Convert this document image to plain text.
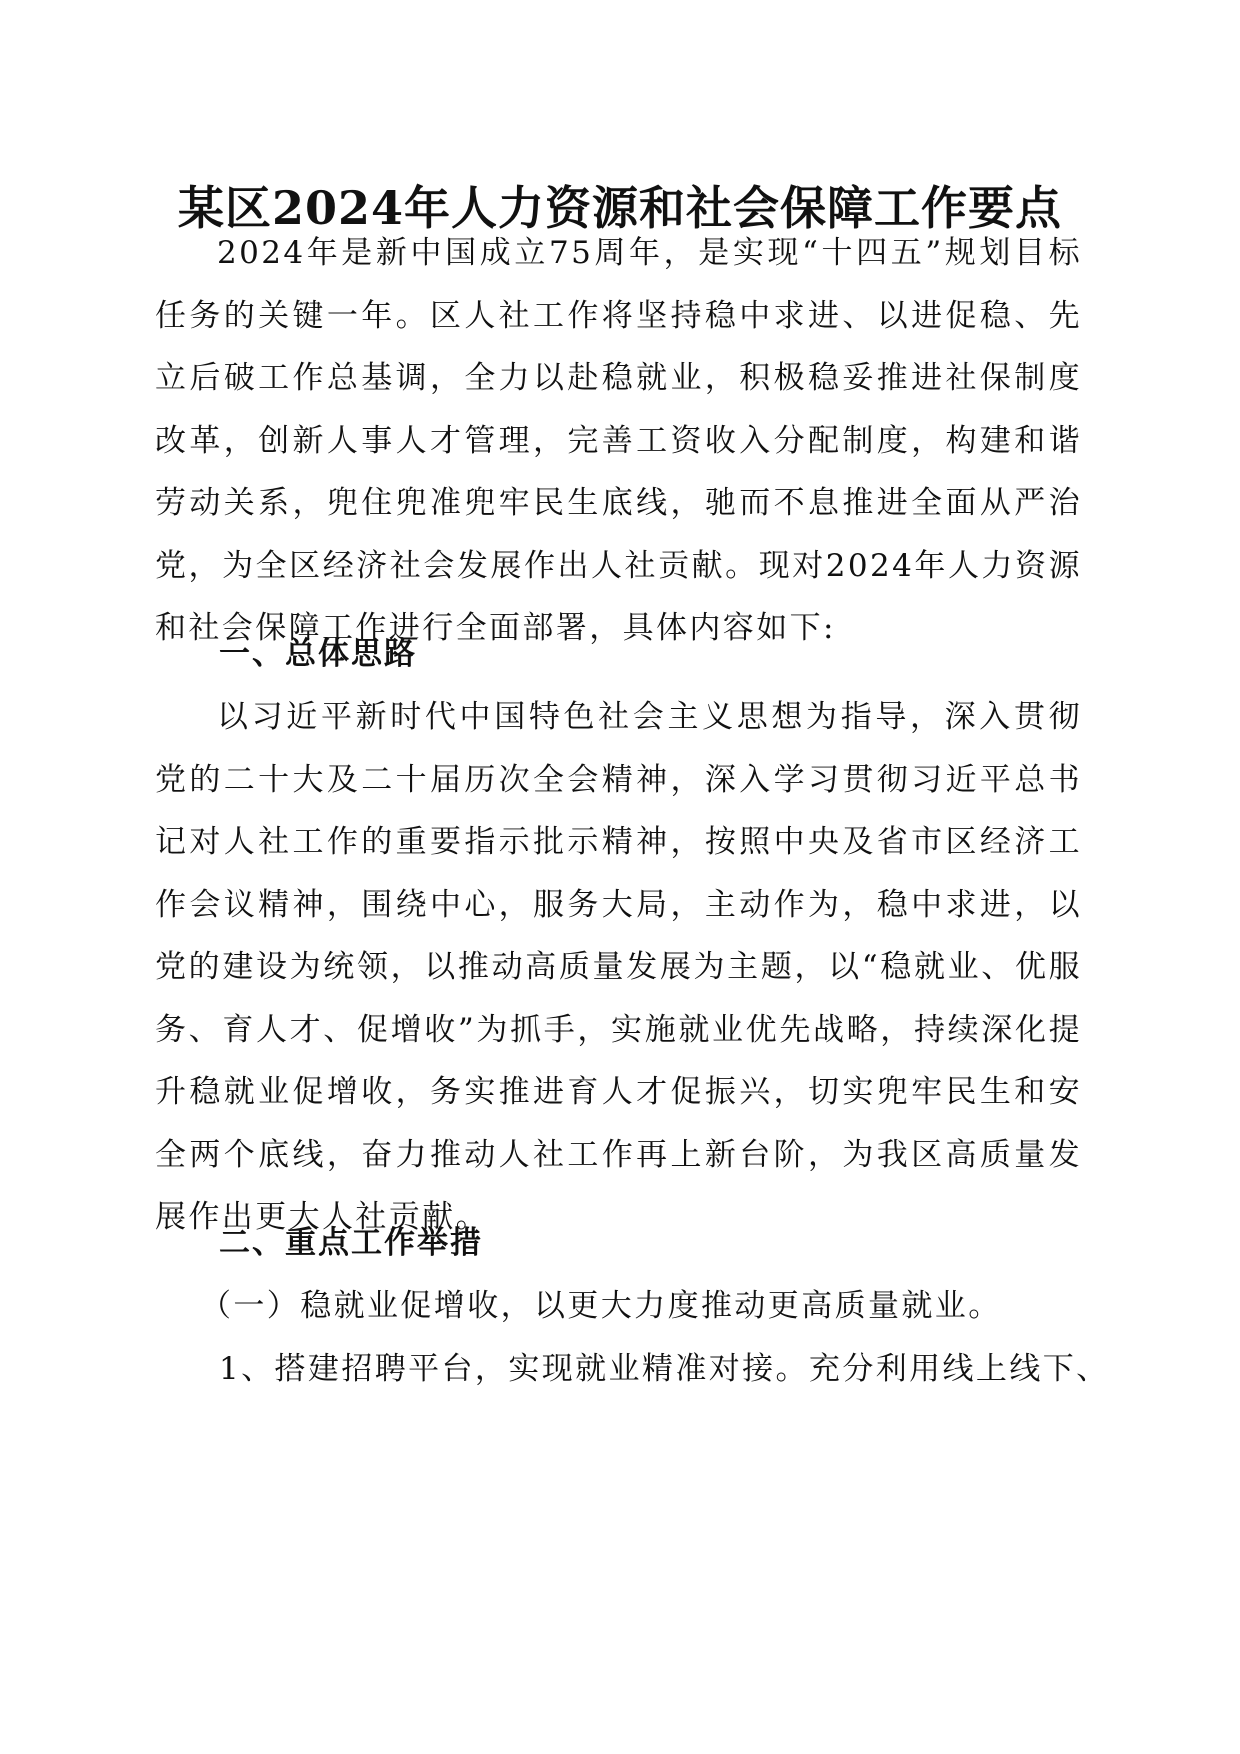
某区2024年人力资源和社会保障工作要点

2024年是新中国成立75周年，是实现“十四五”规划目标任务的关键一年。区人社工作将坚持稳中求进、以进促稳、先立后破工作总基调，全力以赴稳就业，积极稳妥推进社保制度改革，创新人事人才管理，完善工资收入分配制度，构建和谐劳动关系，兜住兜准兜牢民生底线，驰而不息推进全面从严治党，为全区经济社会发展作出人社贡献。现对2024年人力资源和社会保障工作进行全面部署，具体内容如下:

一、总体思路

以习近平新时代中国特色社会主义思想为指导，深入贯彻党的二十大及二十届历次全会精神，深入学习贯彻习近平总书记对人社工作的重要指示批示精神，按照中央及省市区经济工作会议精神，围绕中心，服务大局，主动作为，稳中求进，以党的建设为统领，以推动高质量发展为主题，以“稳就业、优服务、育人才、促增收”为抓手，实施就业优先战略，持续深化提升稳就业促增收，务实推进育人才促振兴，切实兜牢民生和安全两个底线，奋力推动人社工作再上新台阶，为我区高质量发展作出更大人社贡献。

二、重点工作举措
（一）稳就业促增收，以更大力度推动更高质量就业。
1、搭建招聘平台，实现就业精准对接。充分利用线上线下、
